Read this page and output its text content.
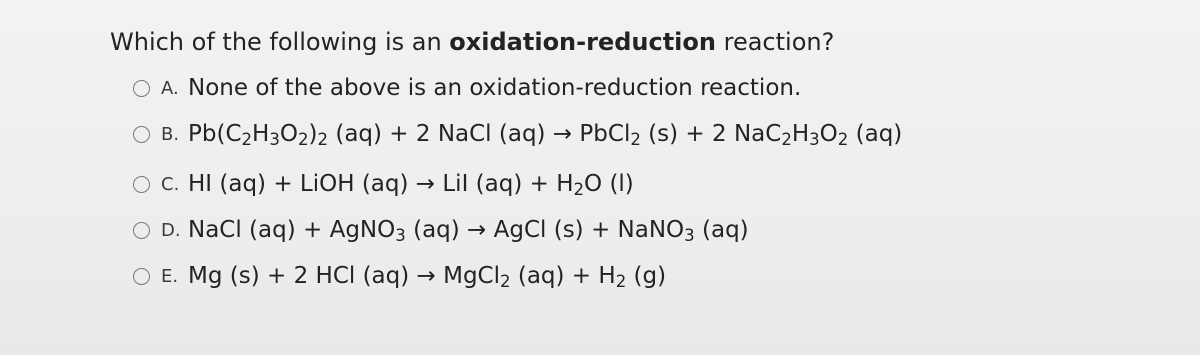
Which of the following is an oxidation-reduction reaction?
A. None of the above is an oxidation-reduction reaction.
B. $Pb(C_2H_3O_2)_2$ (aq) + 2 NaCl (aq) → PbCl$_2$ (s) + 2 $NaC_2H_3O_2$ (aq)
C. HI (aq) + LiOH (aq) → LiI $(aq) + H_2O$ (l)
D. NaCl (aq) + AgNO$_3$ (aq) → AgCl (s) + NaNO$_3$ (aq)
E. Mg (s) + 2 HCl (aq) → MgCl$_2$ $(aq) + H_2$ (g)
